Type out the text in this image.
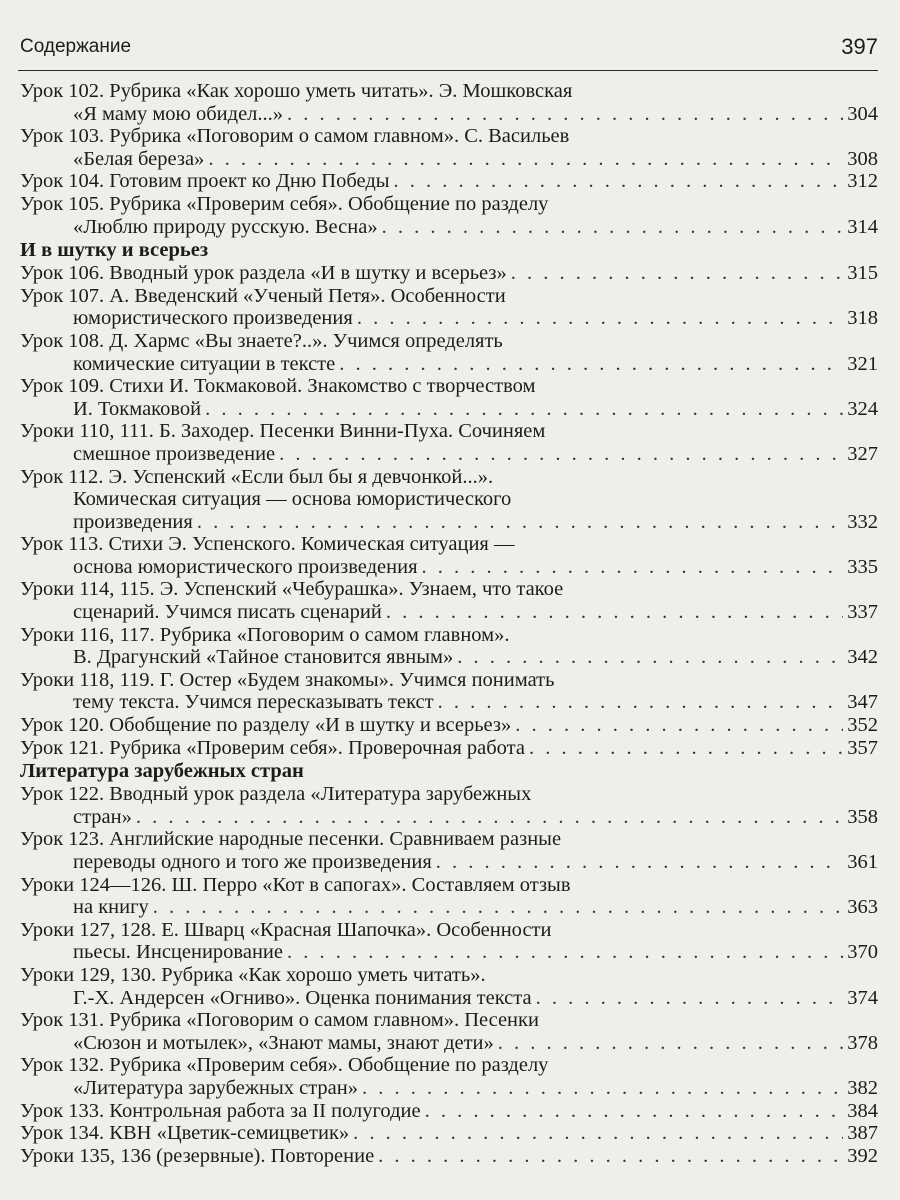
Содержание	397
Урок 102. Рубрика «Как хорошо уметь читать». Э. Мошковская
«Я маму мою обидел...» . . .	304
Урок 103. Рубрика «Поговорим о самом главном». С. Васильев
«Белая береза» . . .	308
Урок 104. Готовим проект ко Дню Победы . . .	312
Урок 105. Рубрика «Проверим себя». Обобщение по разделу
«Люблю природу русскую. Весна» . . .	314
И в шутку и всерьез
Урок 106. Вводный урок раздела «И в шутку и всерьез» . . .	315
Урок 107. А. Введенский «Ученый Петя». Особенности
юмористического произведения . . .	318
Урок 108. Д. Хармс «Вы знаете?..». Учимся определять
комические ситуации в тексте . . .	321
Урок 109. Стихи И. Токмаковой. Знакомство с творчеством
И. Токмаковой . . .	324
Уроки 110, 111. Б. Заходер. Песенки Винни-Пуха. Сочиняем
смешное произведение . . .	327
Урок 112. Э. Успенский «Если был бы я девчонкой...».
Комическая ситуация — основа юмористического
произведения . . .	332
Урок 113. Стихи Э. Успенского. Комическая ситуация —
основа юмористического произведения . . .	335
Уроки 114, 115. Э. Успенский «Чебурашка». Узнаем, что такое
сценарий. Учимся писать сценарий . . .	337
Уроки 116, 117. Рубрика «Поговорим о самом главном».
В. Драгунский «Тайное становится явным» . . .	342
Уроки 118, 119. Г. Остер «Будем знакомы». Учимся понимать
тему текста. Учимся пересказывать текст . . .	347
Урок 120. Обобщение по разделу «И в шутку и всерьез» . . .	352
Урок 121. Рубрика «Проверим себя». Проверочная работа . . .	357
Литература зарубежных стран
Урок 122. Вводный урок раздела «Литература зарубежных
стран» . . .	358
Урок 123. Английские народные песенки. Сравниваем разные
переводы одного и того же произведения . . .	361
Уроки 124—126. Ш. Перро «Кот в сапогах». Составляем отзыв
на книгу . . .	363
Уроки 127, 128. Е. Шварц «Красная Шапочка». Особенности
пьесы. Инсценирование . . .	370
Уроки 129, 130. Рубрика «Как хорошо уметь читать».
Г.-Х. Андерсен «Огниво». Оценка понимания текста . . .	374
Урок 131. Рубрика «Поговорим о самом главном». Песенки
«Сюзон и мотылек», «Знают мамы, знают дети» . . .	378
Урок 132. Рубрика «Проверим себя». Обобщение по разделу
«Литература зарубежных стран» . . .	382
Урок 133. Контрольная работа за II полугодие . . .	384
Урок 134. КВН «Цветик-семицветик» . . .	387
Уроки 135, 136 (резервные). Повторение . . .	392
